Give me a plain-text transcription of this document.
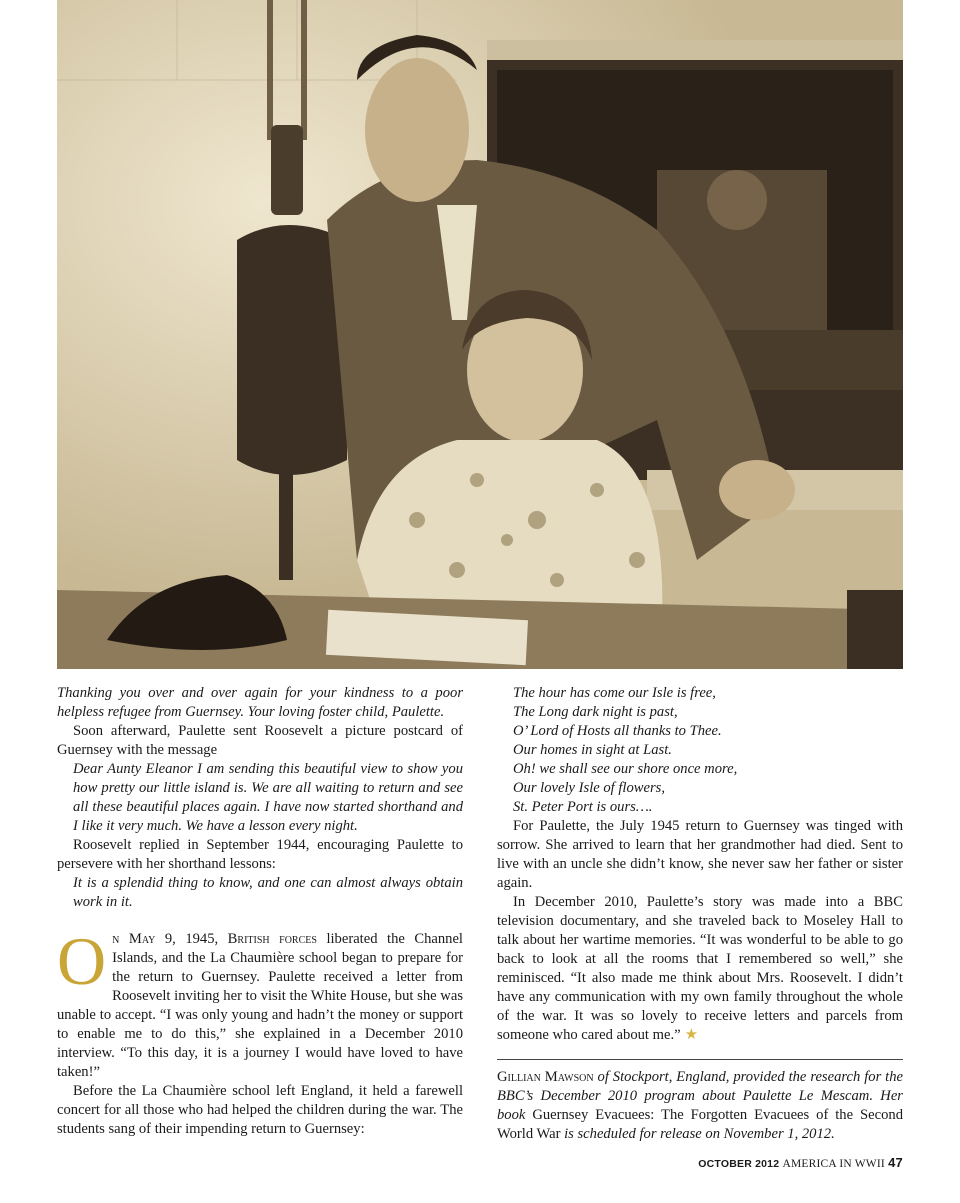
Thanking you over and over again for your kindness to a poor helpless refugee from Guernsey. Your loving foster child, Paulette.

Soon afterward, Paulette sent Roosevelt a picture postcard of Guernsey with the message

Dear Aunty Eleanor I am sending this beautiful view to show you how pretty our little island is. We are all waiting to return and see all these beautiful places again. I have now started shorthand and I like it very much. We have a lesson every night.

Roosevelt replied in September 1944, encouraging Paulette to persevere with her shorthand lessons:

It is a splendid thing to know, and one can almost always obtain work in it.

On May 9, 1945, British forces liberated the Channel Islands, and the La Chaumière school began to prepare for the return to Guernsey. Paulette received a letter from Roosevelt inviting her to visit the White House, but she was unable to accept. “I was only young and hadn’t the money or support to enable me to do this,” she explained in a December 2010 interview. “To this day, it is a journey I would have loved to have taken!”

Before the La Chaumière school left England, it held a farewell concert for all those who had helped the children during the war. The students sang of their impending return to Guernsey:

The hour has come our Isle is free,
The Long dark night is past,
O’ Lord of Hosts all thanks to Thee.
Our homes in sight at Last.
Oh! we shall see our shore once more,
Our lovely Isle of flowers,
St. Peter Port is ours….

For Paulette, the July 1945 return to Guernsey was tinged with sorrow. She arrived to learn that her grandmother had died. Sent to live with an uncle she didn’t know, she never saw her father or sister again.

In December 2010, Paulette’s story was made into a BBC television documentary, and she traveled back to Moseley Hall to talk about her wartime memories. “It was wonderful to be able to go back to look at all the rooms that I remembered so well,” she reminisced. “It also made me think about Mrs. Roosevelt. I didn’t have any communication with my own family throughout the whole of the war. It was so lovely to receive letters and parcels from someone who cared about me.” ★

Gillian Mawson of Stockport, England, provided the research for the BBC’s December 2010 program about Paulette Le Mescam. Her book Guernsey Evacuees: The Forgotten Evacuees of the Second World War is scheduled for release on November 1, 2012.

OCTOBER 2012 AMERICA IN WWII 47
